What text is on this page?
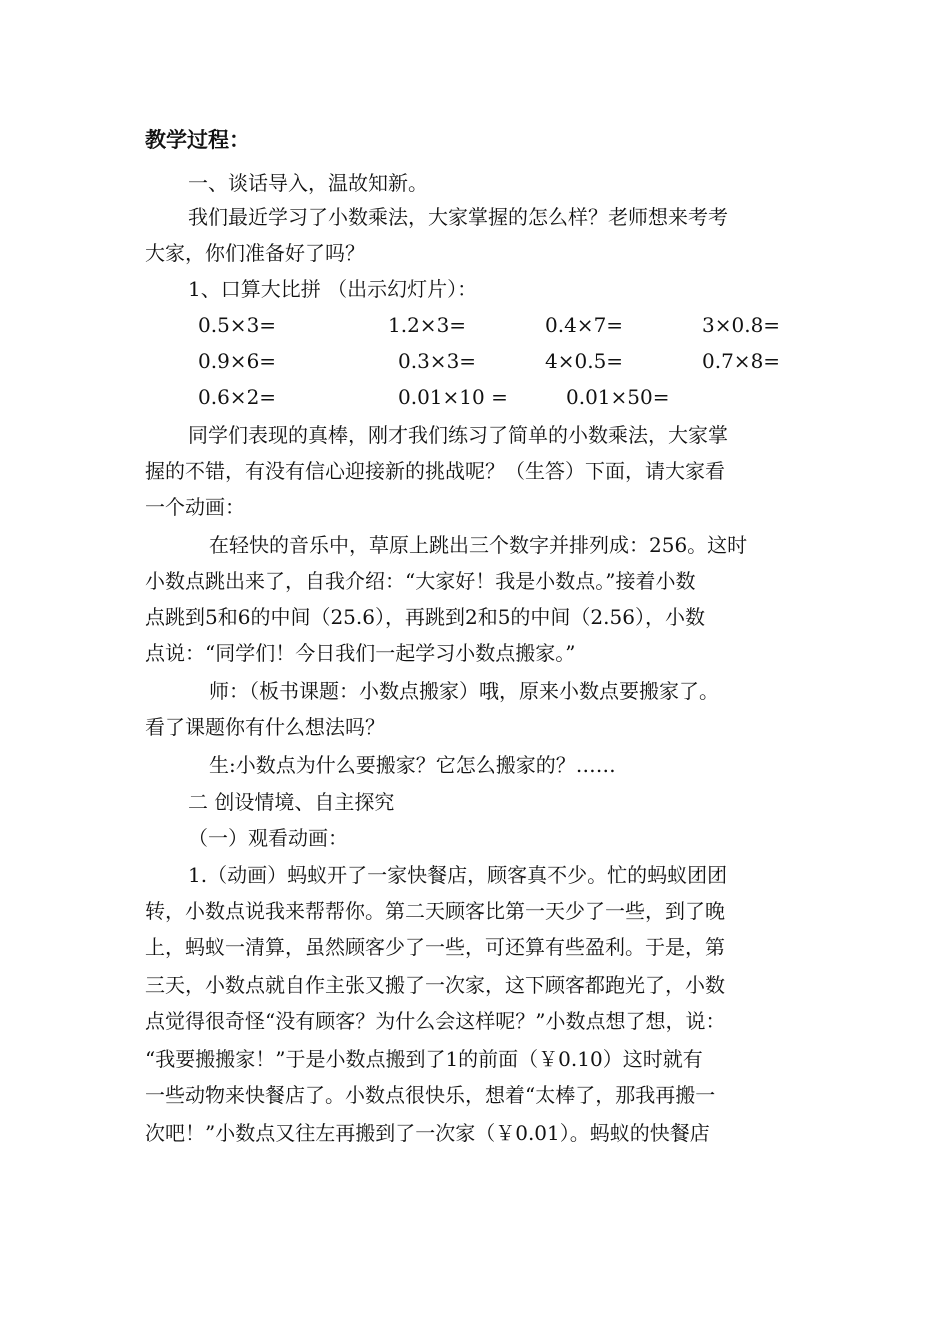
教学过程：
一、谈话导入，温故知新。
我们最近学习了小数乘法，大家掌握的怎么样？老师想来考考
大家，你们准备好了吗？
1、口算大比拼 （出示幻灯片）：
0.5×3=	1.2×3=	0.4×7=	3×0.8=
0.9×6=	0.3×3=	4×0.5=	0.7×8=
0.6×2=	0.01×10 =	0.01×50=
同学们表现的真棒，刚才我们练习了简单的小数乘法，大家掌
握的不错，有没有信心迎接新的挑战呢？（生答）下面，请大家看
一个动画：
在轻快的音乐中，草原上跳出三个数字并排列成：256。这时
小数点跳出来了，自我介绍：“大家好！我是小数点。”接着小数
点跳到5和6的中间（25.6），再跳到2和5的中间（2.56），小数
点说：“同学们！今日我们一起学习小数点搬家。”
师：（板书课题：小数点搬家）哦，原来小数点要搬家了。
看了课题你有什么想法吗？
生:小数点为什么要搬家？它怎么搬家的？……
二 创设情境、自主探究
（一）观看动画：
1.（动画）蚂蚁开了一家快餐店，顾客真不少。忙的蚂蚁团团
转，小数点说我来帮帮你。第二天顾客比第一天少了一些，到了晚
上，蚂蚁一清算，虽然顾客少了一些，可还算有些盈利。于是，第
三天，小数点就自作主张又搬了一次家，这下顾客都跑光了，小数
点觉得很奇怪“没有顾客？为什么会这样呢？”小数点想了想，说：
“我要搬搬家！”于是小数点搬到了1的前面（￥0.10）这时就有
一些动物来快餐店了。小数点很快乐，想着“太棒了，那我再搬一
次吧！”小数点又往左再搬到了一次家（￥0.01）。蚂蚁的快餐店
